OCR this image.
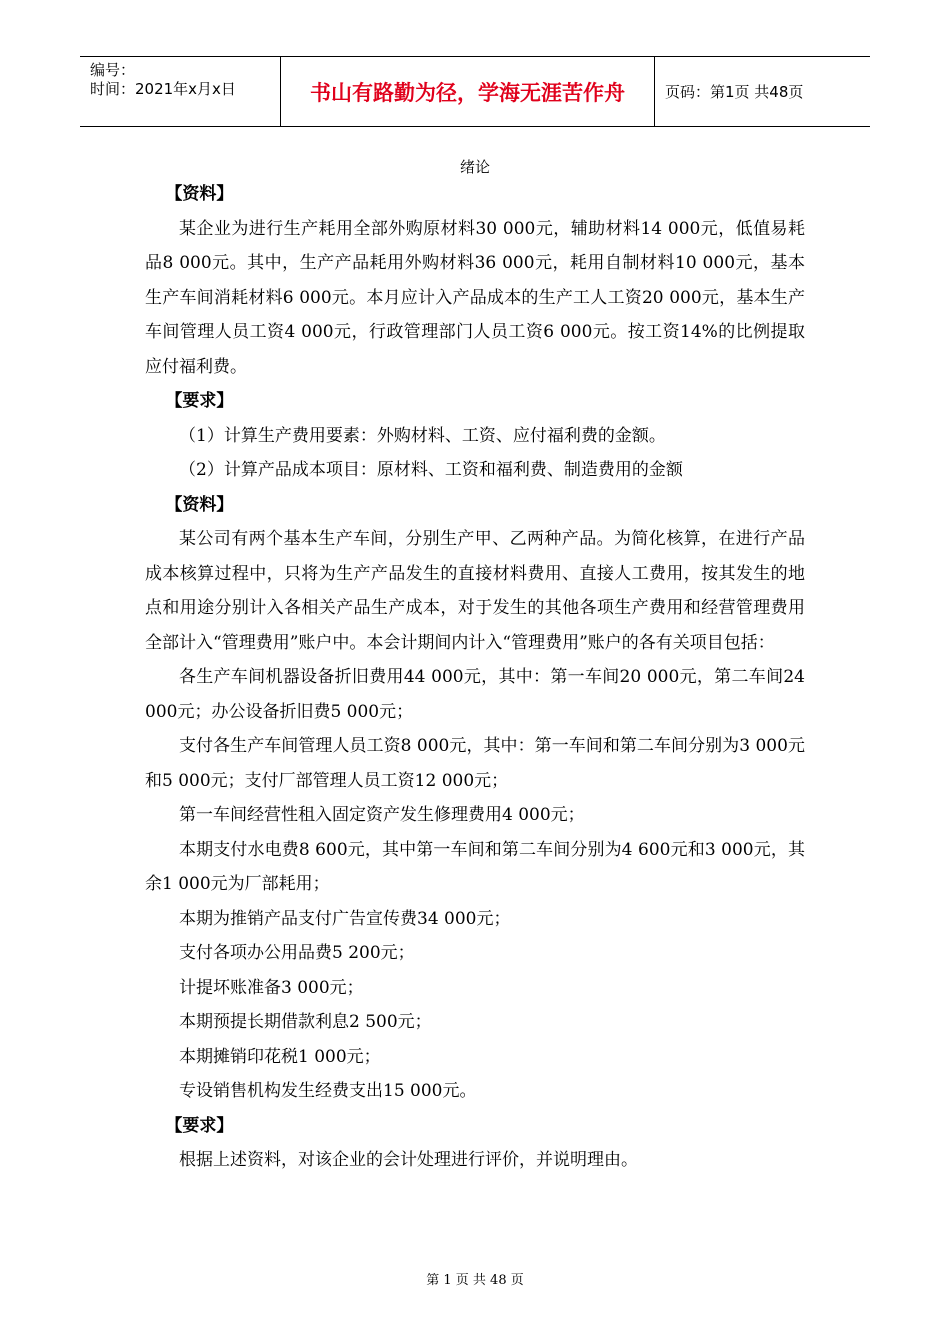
编号：
时间：2021年x月x日	书山有路勤为径，学海无涯苦作舟	页码：第1页 共48页
绪论

【资料】

某企业为进行生产耗用全部外购原材料30 000元，辅助材料14 000元，低值易耗品8 000元。其中，生产产品耗用外购材料36 000元，耗用自制材料10 000元，基本生产车间消耗材料6 000元。本月应计入产品成本的生产工人工资20 000元，基本生产车间管理人员工资4 000元，行政管理部门人员工资6 000元。按工资14%的比例提取应付福利费。

【要求】

（1）计算生产费用要素：外购材料、工资、应付福利费的金额。

（2）计算产品成本项目：原材料、工资和福利费、制造费用的金额

【资料】

某公司有两个基本生产车间，分别生产甲、乙两种产品。为简化核算，在进行产品成本核算过程中，只将为生产产品发生的直接材料费用、直接人工费用，按其发生的地点和用途分别计入各相关产品生产成本，对于发生的其他各项生产费用和经营管理费用全部计入“管理费用”账户中。本会计期间内计入“管理费用”账户的各有关项目包括：

各生产车间机器设备折旧费用44 000元，其中：第一车间20 000元，第二车间24 000元；办公设备折旧费5 000元；

支付各生产车间管理人员工资8 000元，其中：第一车间和第二车间分别为3 000元和5 000元；支付厂部管理人员工资12 000元；

第一车间经营性租入固定资产发生修理费用4 000元；

本期支付水电费8 600元，其中第一车间和第二车间分别为4 600元和3 000元，其余1 000元为厂部耗用；

本期为推销产品支付广告宣传费34 000元；

支付各项办公用品费5 200元；

计提坏账准备3 000元；

本期预提长期借款利息2 500元；

本期摊销印花税1 000元；

专设销售机构发生经费支出15 000元。

【要求】

根据上述资料，对该企业的会计处理进行评价，并说明理由。

第 1 页 共 48 页
